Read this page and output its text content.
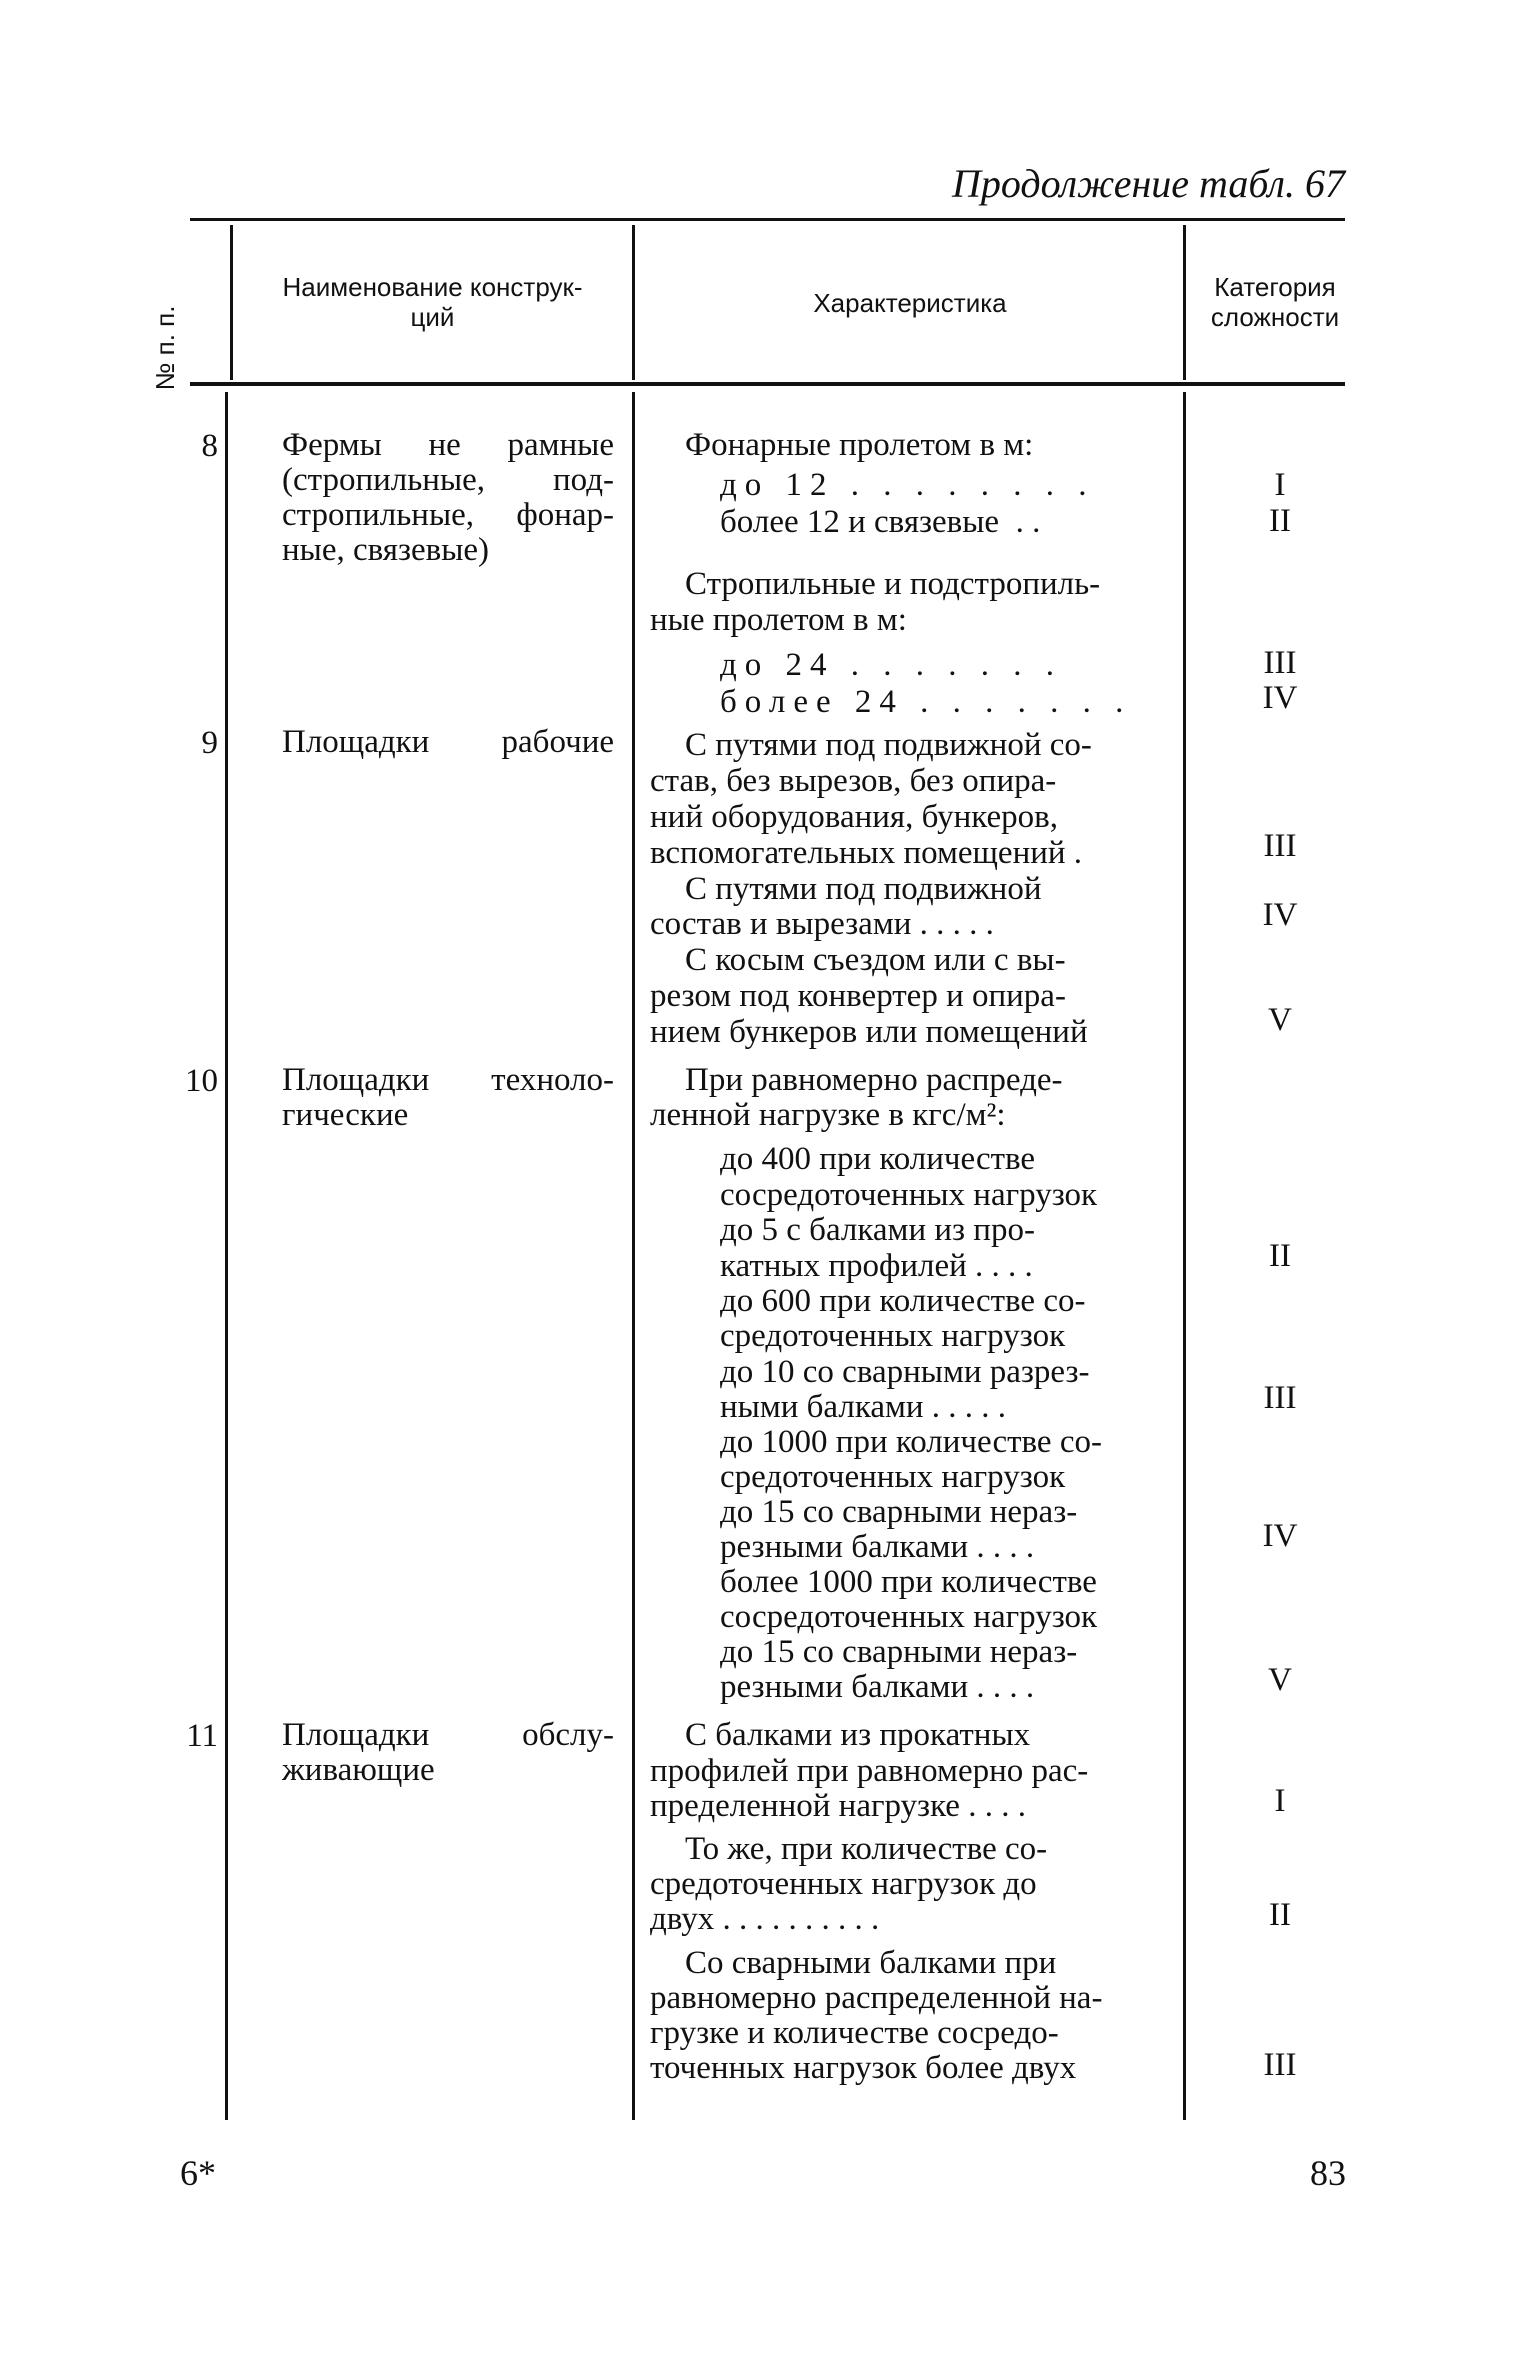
Продолжение табл. 67
№ п. п.
Наименование конструк-
ций	Характеристика
Категория
сложности
8 Фермы не рамные
(стропильные, под-
стропильные, фонар-
ные, связевые)
Фонарные пролетом в м:
до 12 . . . . . . . .
более 12 и связевые  . .
Стропильные и подстропиль-
ные пролетом в м:
до 24 . . . . . . .
более 24 . . . . . . .
I
II
III
IV
9 Площадки рабочие С путями под подвижной со-
став, без вырезов, без опира-
ний оборудования, бункеров,
вспомогательных помещений .
С путями под подвижной
состав и вырезами . . . . .
С косым съездом или с вы-
резом под конвертер и опира-
нием бункеров или помещений
III
IV
V
10 Площадки техноло-
гические
При равномерно распреде-
ленной нагрузке в кгс/м²:
до 400 при количестве
сосредоточенных нагрузок
до 5 с балками из про-
катных профилей . . . .
до 600 при количестве со-
средоточенных нагрузок
до 10 со сварными разрез-
ными балками . . . . .
до 1000 при количестве со-
средоточенных нагрузок
до 15 со сварными нераз-
резными балками . . . .
более 1000 при количестве
сосредоточенных нагрузок
до 15 со сварными нераз-
резными балками . . . .
II
III
IV
V
11 Площадки обслу-
живающие
С балками из прокатных
профилей при равномерно рас-
пределенной нагрузке . . . .
То же, при количестве со-
средоточенных нагрузок до
двух . . . . . . . . . .
Со сварными балками при
равномерно распределенной на-
грузке и количестве сосредо-
точенных нагрузок более двух
I
II
III
6*	83
